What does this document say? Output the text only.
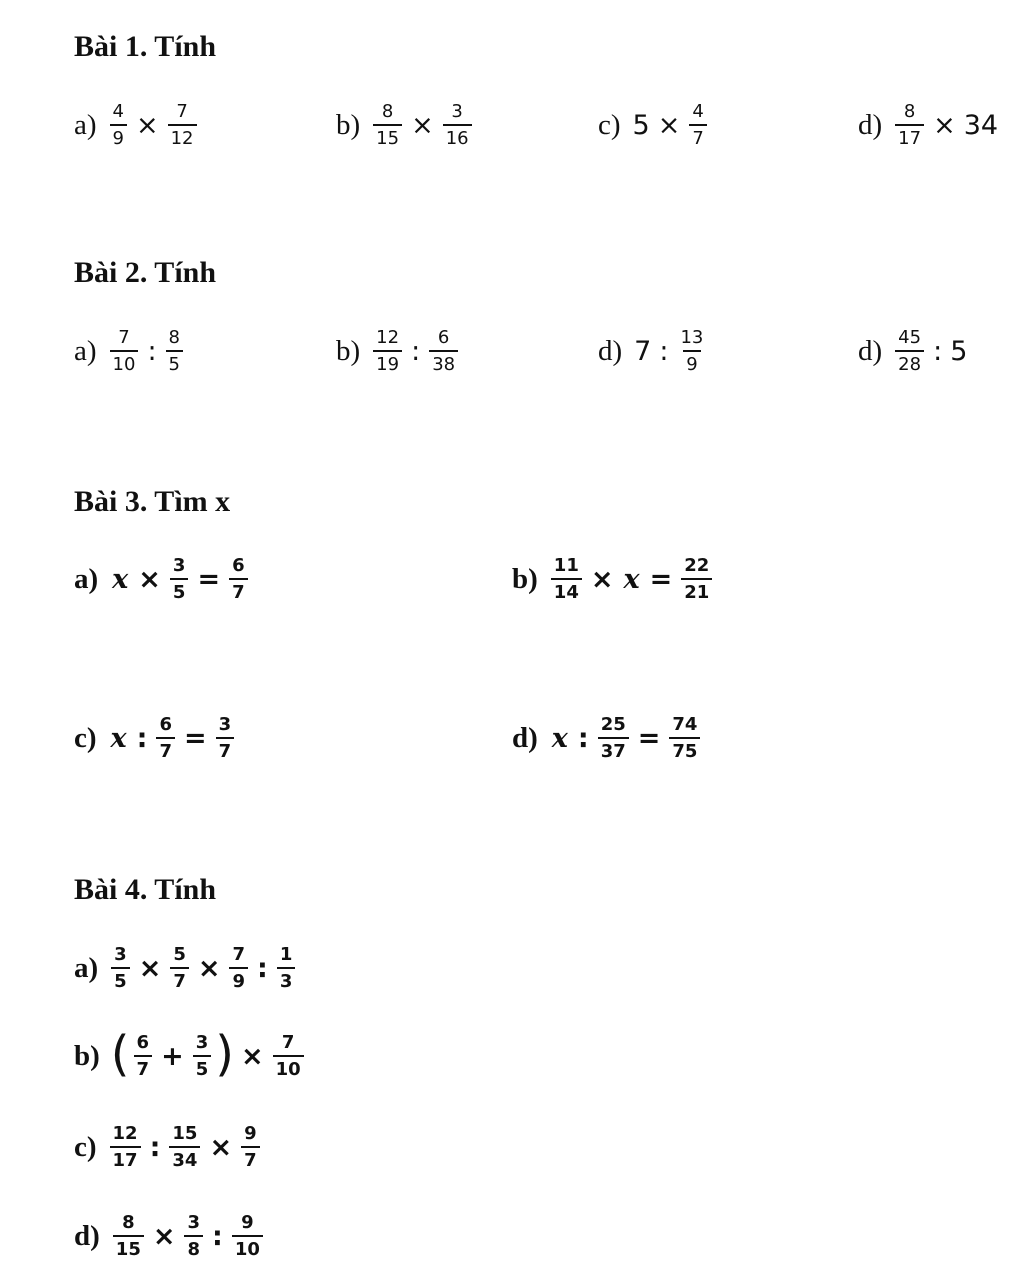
Bài 1. Tính
$a) \frac{4}{9} \times \frac{7}{12}$	$b) \frac{8}{15} \times \frac{3}{16}$	c) $5 \times \frac{4}{7}$	$d) \frac{8}{17} \times 34$
Bài 2. Tính
a) 7
10 : 8
5	b) 12
19 : 6
38	d) 7 : 13
9	d) 45
28 : 5
Bài 3. Tìm x
a) $x \times \frac{3}{5} = \frac{6}{7}$	$b) \frac{11}{14} \times x = \frac{22}{21}$
c) x : $\frac{6}{7} = \frac{3}{7}$	d) x : $\frac{25}{37} = \frac{74}{75}$
Bài 4. Tính
$a) \frac{3}{5} \times \frac{5}{7} \times \frac{7}{9}$ : 1
3
b) ( 6
$7 + \frac{3}{5}$ ) × $\frac{7}{10}$
c) 12
17 : $\frac{15}{34} \times \frac{9}{7}$
$d) \frac{8}{15} \times \frac{3}{8}$ : 9
10
